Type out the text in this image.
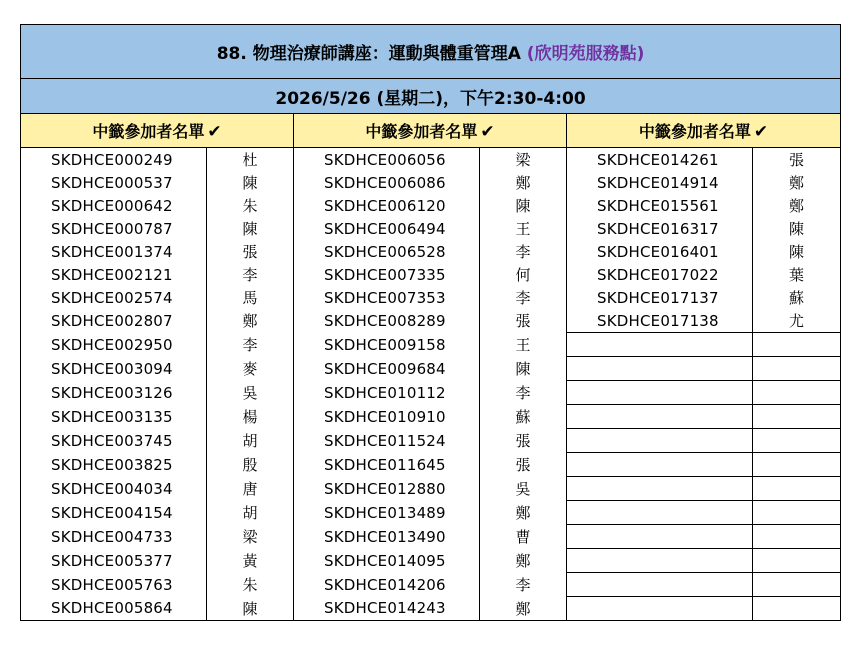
88. 物理治療師講座：運動與體重管理A (欣明苑服務點)					
2026/5/26 (星期二)，下午2:30-4:00					
中籤參加者名單 ✔		中籤參加者名單 ✔		中籤參加者名單 ✔	
SKDHCE000249	杜	SKDHCE006056	梁	SKDHCE014261	張
SKDHCE000537	陳	SKDHCE006086	鄭	SKDHCE014914	鄭
SKDHCE000642	朱	SKDHCE006120	陳	SKDHCE015561	鄭
SKDHCE000787	陳	SKDHCE006494	王	SKDHCE016317	陳
SKDHCE001374	張	SKDHCE006528	李	SKDHCE016401	陳
SKDHCE002121	李	SKDHCE007335	何	SKDHCE017022	葉
SKDHCE002574	馬	SKDHCE007353	李	SKDHCE017137	蘇
SKDHCE002807	鄭	SKDHCE008289	張	SKDHCE017138	尤
SKDHCE002950	李	SKDHCE009158	王		
SKDHCE003094	麥	SKDHCE009684	陳		
SKDHCE003126	吳	SKDHCE010112	李		
SKDHCE003135	楊	SKDHCE010910	蘇		
SKDHCE003745	胡	SKDHCE011524	張		
SKDHCE003825	殷	SKDHCE011645	張		
SKDHCE004034	唐	SKDHCE012880	吳		
SKDHCE004154	胡	SKDHCE013489	鄭		
SKDHCE004733	梁	SKDHCE013490	曹		
SKDHCE005377	黃	SKDHCE014095	鄭		
SKDHCE005763	朱	SKDHCE014206	李		
SKDHCE005864	陳	SKDHCE014243	鄭		
